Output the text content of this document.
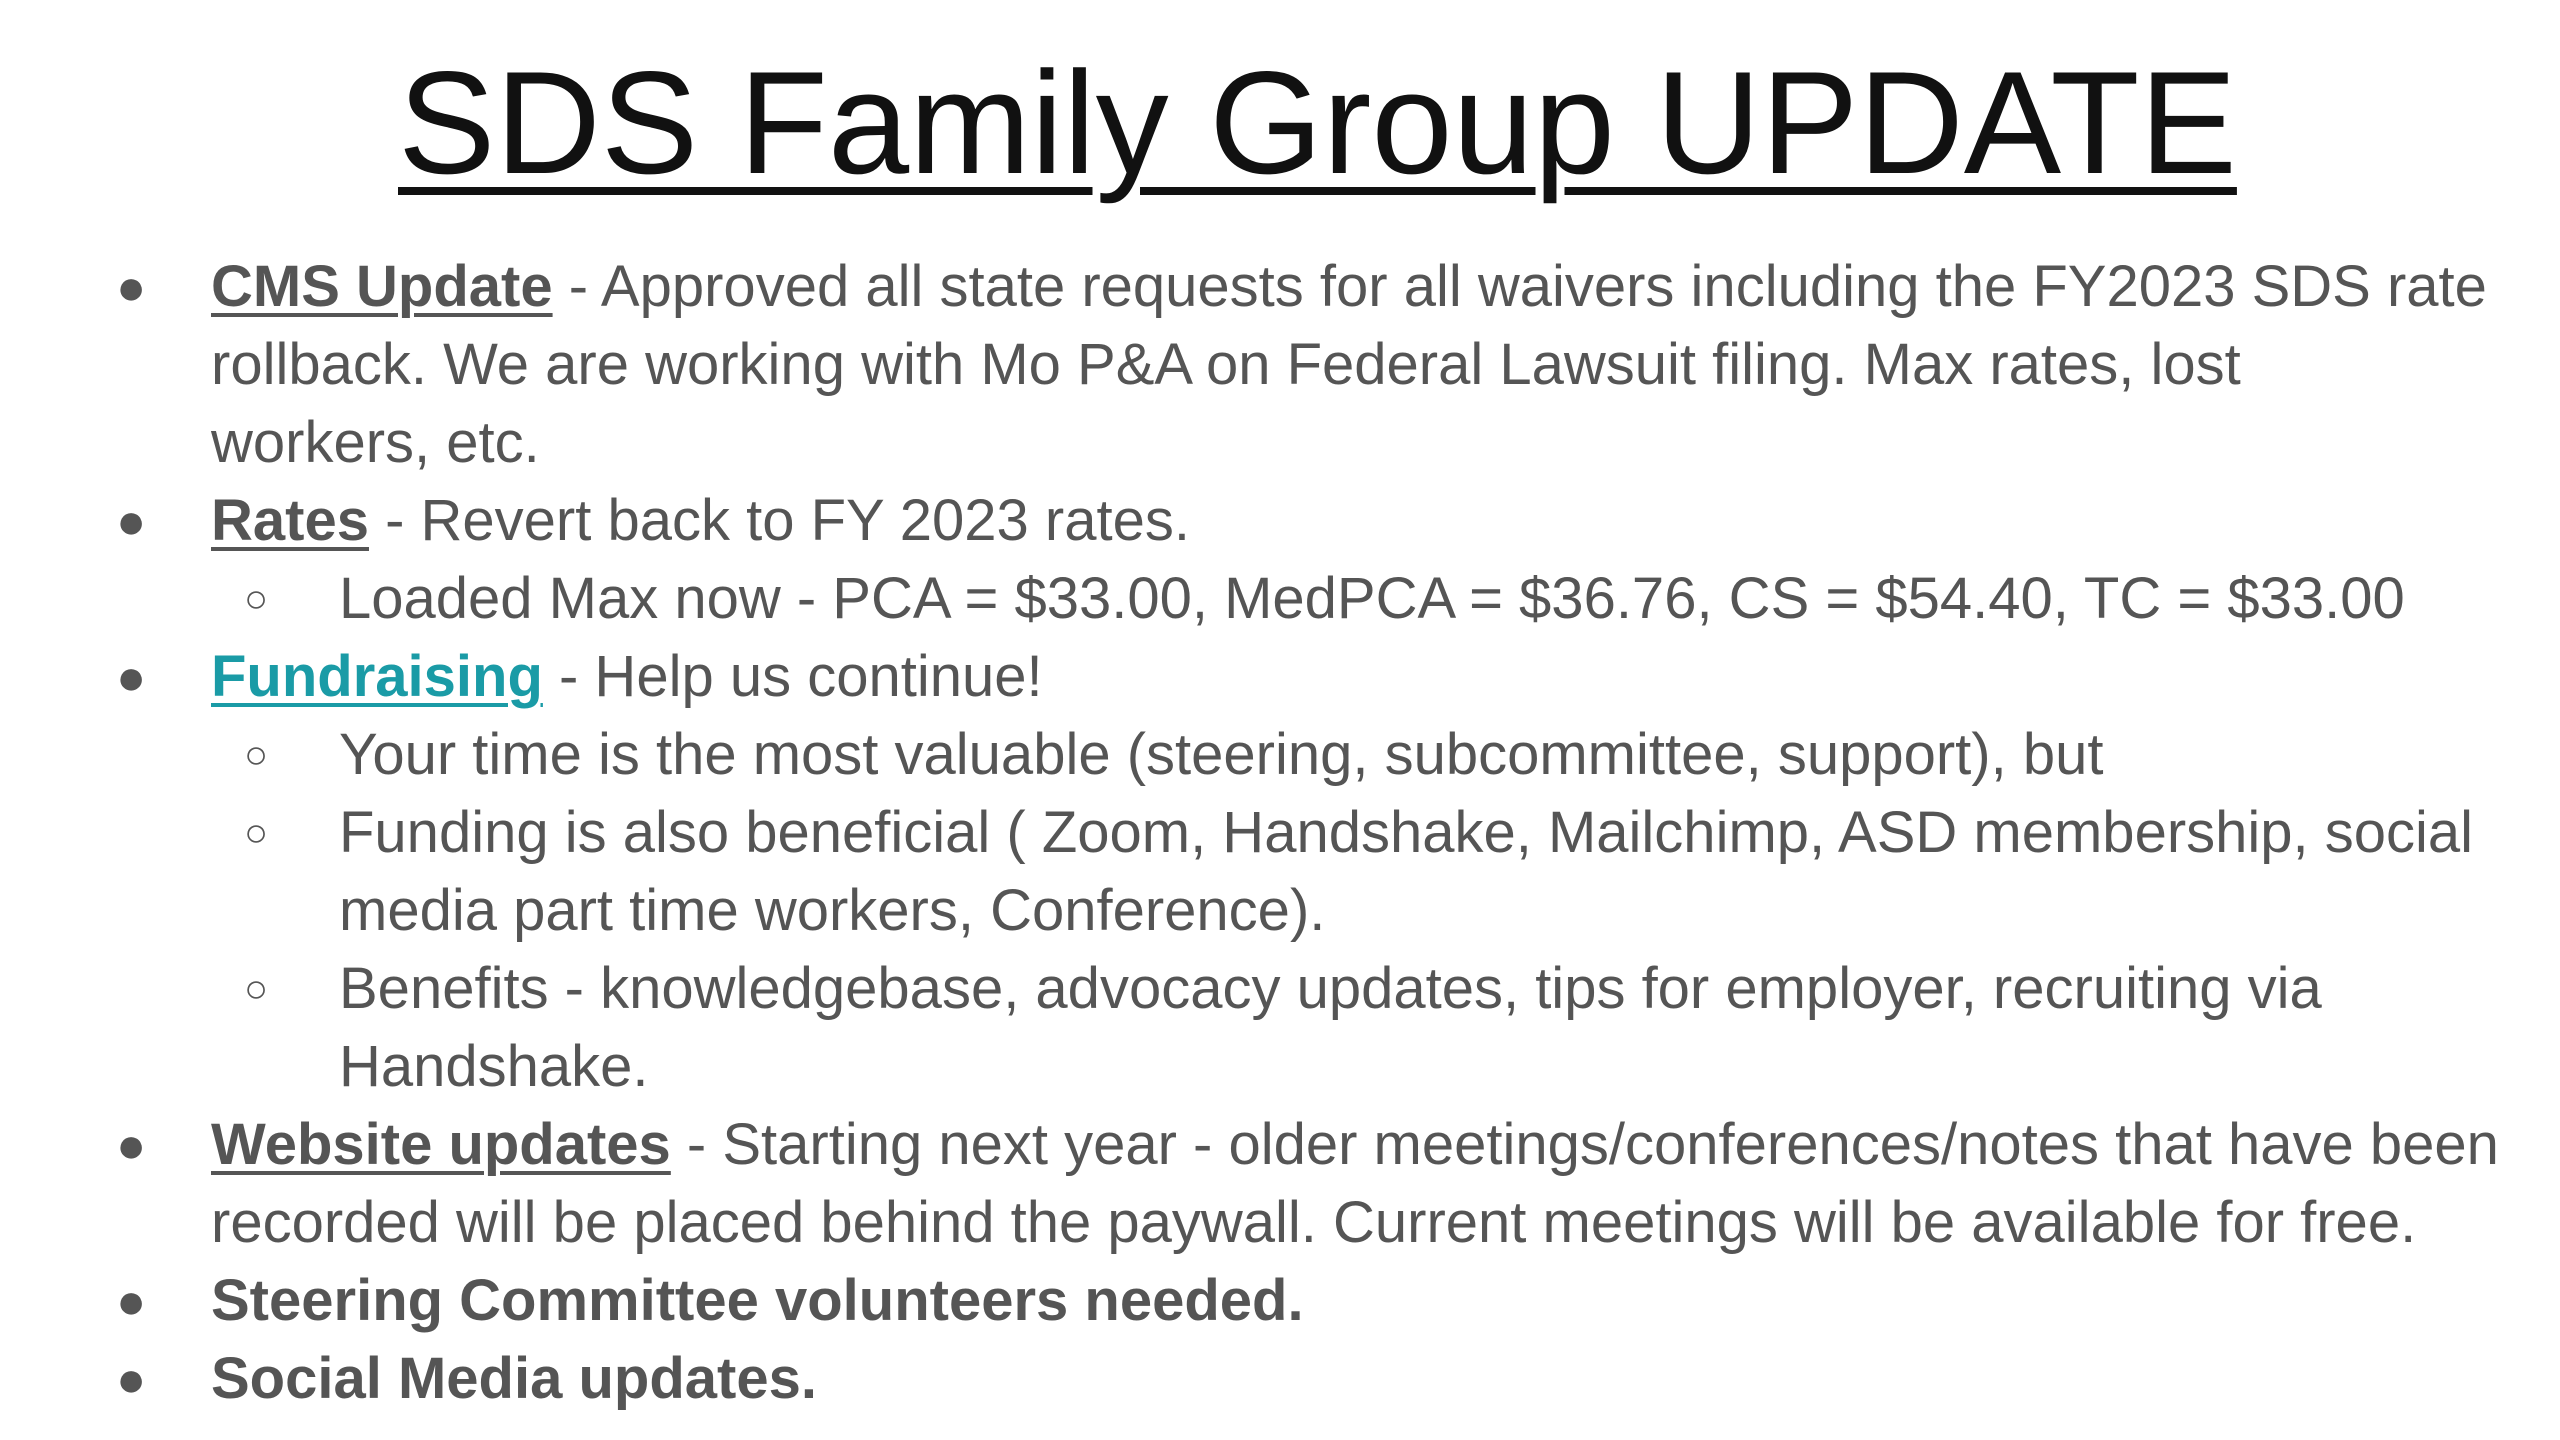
SDS Family Group UPDATE
● CMS Update - Approved all state requests for all waivers including the FY2023 SDS rate
rollback. We are working with Mo P&A on Federal Lawsuit filing. Max rates, lost
workers, etc.
● Rates - Revert back to FY 2023 rates.
○ Loaded Max now - PCA = $33.00, MedPCA = $36.76, CS = $54.40, TC = $33.00
● Fundraising - Help us continue!
○ Your time is the most valuable (steering, subcommittee, support), but
○ Funding is also beneficial ( Zoom, Handshake, Mailchimp, ASD membership, social
media part time workers, Conference).
○ Benefits - knowledgebase, advocacy updates, tips for employer, recruiting via
Handshake.
● Website updates - Starting next year - older meetings/conferences/notes that have been
recorded will be placed behind the paywall. Current meetings will be available for free.
● Steering Committee volunteers needed.
● Social Media updates.
